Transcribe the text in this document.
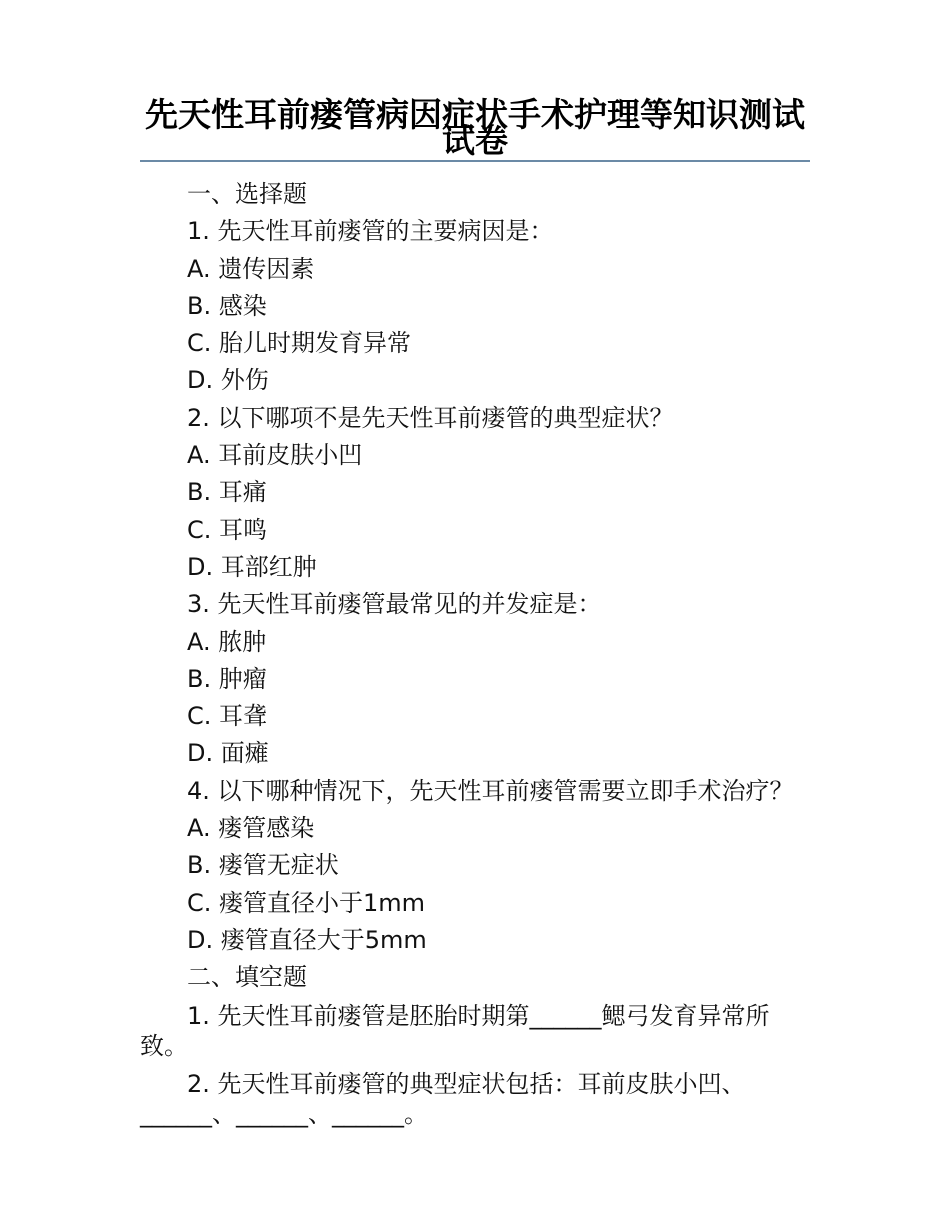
先天性耳前瘘管病因症状手术护理等知识测试试卷
一、选择题
1. 先天性耳前瘘管的主要病因是：
A. 遗传因素
B. 感染
C. 胎儿时期发育异常
D. 外伤
2. 以下哪项不是先天性耳前瘘管的典型症状？
A. 耳前皮肤小凹
B. 耳痛
C. 耳鸣
D. 耳部红肿
3. 先天性耳前瘘管最常见的并发症是：
A. 脓肿
B. 肿瘤
C. 耳聋
D. 面瘫
4. 以下哪种情况下，先天性耳前瘘管需要立即手术治疗？
A. 瘘管感染
B. 瘘管无症状
C. 瘘管直径小于1mm
D. 瘘管直径大于5mm
二、填空题

1. 先天性耳前瘘管是胚胎时期第______鳃弓发育异常所致。

2. 先天性耳前瘘管的典型症状包括：耳前皮肤小凹、______、______、______。
